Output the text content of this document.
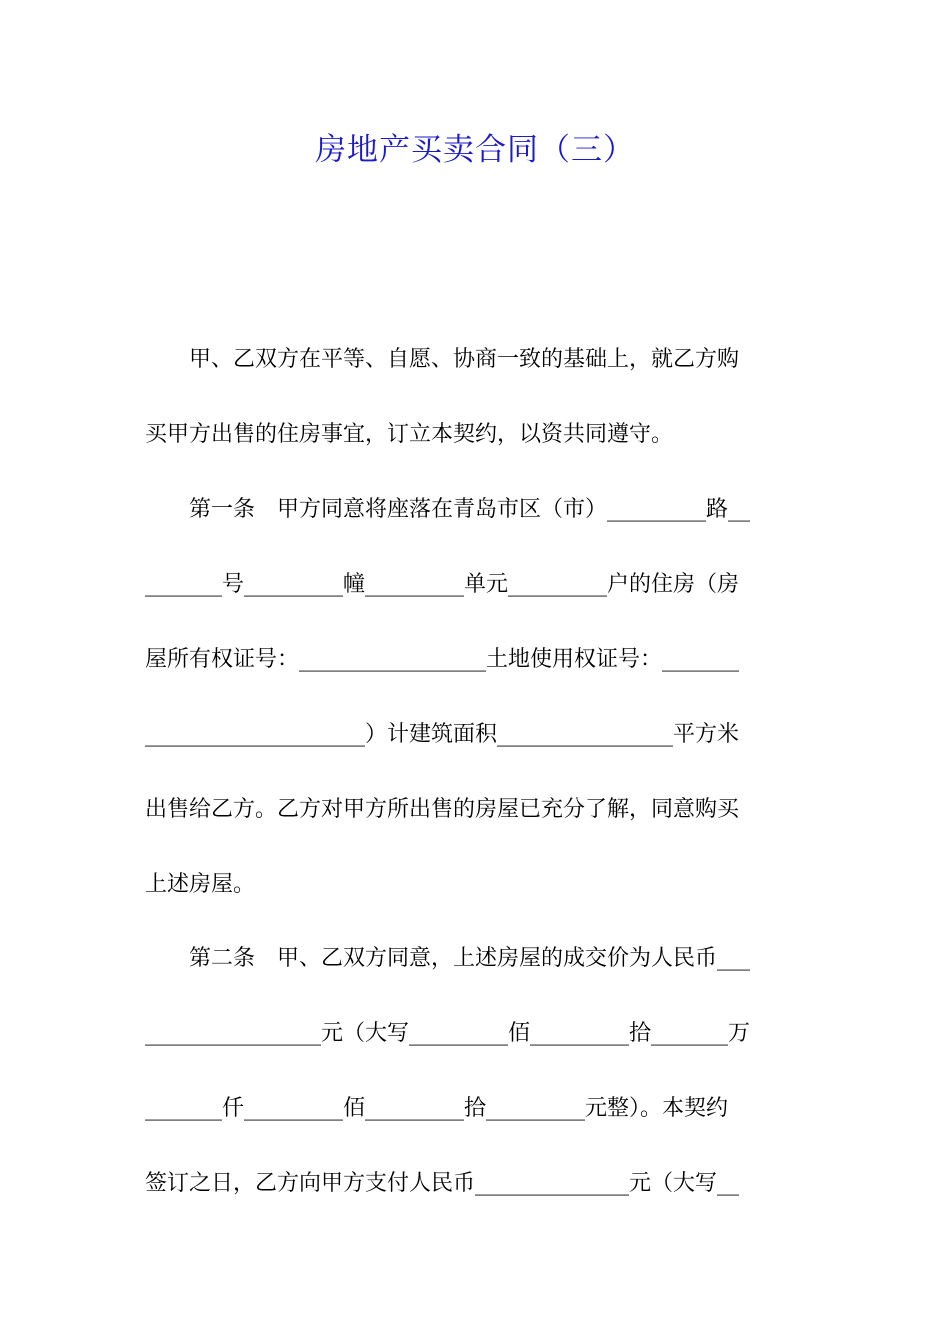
房地产买卖合同（三）
　　甲、乙双方在平等、自愿、协商一致的基础上，就乙方购
买甲方出售的住房事宜，订立本契约，以资共同遵守。
　　第一条　甲方同意将座落在青岛市区（市）_________路__
_______号_________幢_________单元_________户的住房（房
屋所有权证号：_________________土地使用权证号：_______
____________________）计建筑面积________________平方米
出售给乙方。乙方对甲方所出售的房屋已充分了解，同意购买
上述房屋。
　　第二条　甲、乙双方同意，上述房屋的成交价为人民币___
________________元（大写_________佰_________拾_______万
_______仟_________佰_________拾_________元整）。本契约
签订之日，乙方向甲方支付人民币______________元（大写__
